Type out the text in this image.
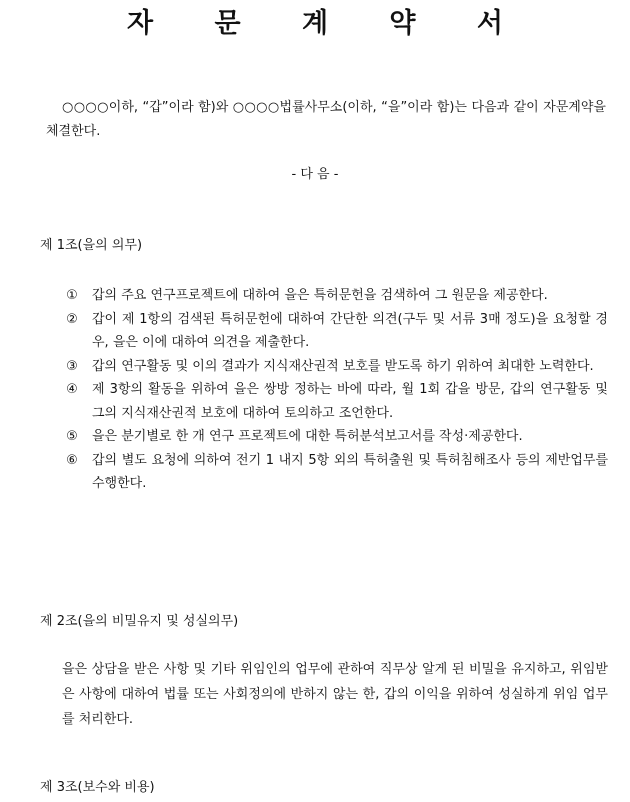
자 문 계 약 서
○○○○이하, “갑”이라 함)와 ○○○○법률사무소(이하, “을”이라 함)는 다음과 같이 자문계약을 체결한다.
- 다 음 -
제 1조(을의 의무)
①	갑의 주요 연구프로젝트에 대하여 을은 특허문헌을 검색하여 그 원문을 제공한다.
②	갑이 제 1항의 검색된 특허문헌에 대하여 간단한 의견(구두 및 서류 3매 정도)을 요청할 경우, 을은 이에 대하여 의견을 제출한다.
③	갑의 연구활동 및 이의 결과가 지식재산권적 보호를 받도록 하기 위하여 최대한 노력한다.
④	제 3항의 활동을 위하여 을은 쌍방 정하는 바에 따라, 월 1회 갑을 방문, 갑의 연구활동 및 그의 지식재산권적 보호에 대하여 토의하고 조언한다.
⑤	을은 분기별로 한 개 연구 프로젝트에 대한 특허분석보고서를 작성·제공한다.
⑥	갑의 별도 요청에 의하여 전기 1 내지 5항 외의 특허출원 및 특허침해조사 등의 제반업무를 수행한다.
제 2조(을의 비밀유지 및 성실의무)
을은 상담을 받은 사항 및 기타 위임인의 업무에 관하여 직무상 알게 된 비밀을 유지하고, 위임받은 사항에 대하여 법률 또는 사회정의에 반하지 않는 한, 갑의 이익을 위하여 성실하게 위임 업무를 처리한다.
제 3조(보수와 비용)
